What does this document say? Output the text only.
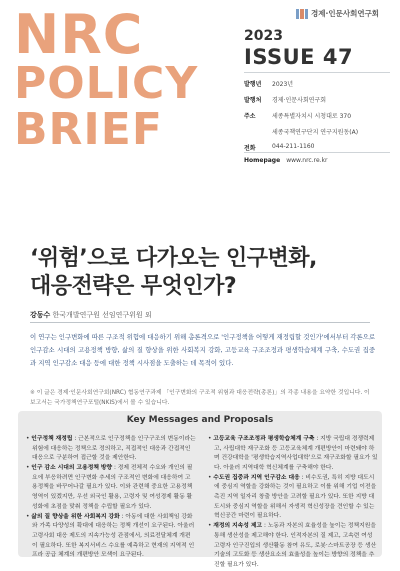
NRC
POLICY
BRIEF
경제·인문사회연구회
2023
ISSUE 47
발행년	2023년
발행처	경제·인문사회연구회
주소	세종특별자치시 시청대로 370
세종국책연구단지 연구지원동(A)
전화	044-211-1160
Homepage www.nrc.re.kr
‘위험’으로 다가오는 인구변화,
대응전략은 무엇인가?
강동수 한국개발연구원 선임연구위원 외
이 연구는 인구변화에 따른 구조적 위험에 대응하기 위해 총론격으로 '인구정책을 어떻게 재정립할 것인가'에서부터 각론으로 인구감소 시대의 고용정책 방향, 삶의 질 향상을 위한 사회복지 강화, 고등교육 구조조정과 평생학습체계 구축, 수도권 집중과 지역 인구감소 대응 등에 대한 정책 시사점을 도출하는 데 목적이 있다.
※ 이 글은 경제·인문사회연구회(NRC) 협동연구과제 「인구변화의 구조적 위험과 대응전략(총론)」의 각종 내용을 요약한 것입니다. 이 보고서는 국가정책연구포털(NKIS)에서 볼 수 있습니다.
Key Messages and Proposals
• 인구정책 재정립 : 근본적으로 인구정책을 인구구조의 변동이라는 위험에 대응하는 정책으로 정의하고, 직접적인 대응과 간접적인 대응으로 구분하여 접근할 것을 제안한다.
• 인구 감소 시대의 고용정책 방향 : 경제 전체적 수요와 개인의 필요에 부응하려면 인구변화 추세의 구조적인 변화에 대응하여 고용정책을 바꾸어나갈 필요가 있다. 이와 관련해 중요한 고용정책 영역이 있겠지만, 우선 외국인 활용, 고령자 및 여성경제 활동 활성화에 초점을 맞춰 정책을 수립할 필요가 있다.
• 삶의 질 향상을 위한 사회복지 강화 : 아동에 대한 사회책임 강화와 가족 다양성의 확대에 대응하는 정책 개선이 요구된다. 아울러 고령사회 대응 제도의 지속가능성 관점에서, 의료전달체계 개편이 필요하다. 또한 복지서비스 수요를 예측하고 현재의 지역적 인프라 공급 체계의 개편방안 모색이 요구된다.
• 고등교육 구조조정과 평생학습체계 구축 : 지방 국립대 경쟁력제고, 사립대학 재구조화 등 고등교육체계 개편방안이 마련돼야 하며 건강대학을 '평생학습지역사업대학'으로 재구조화할 필요가 있다. 아울러 지역대학 혁신체계를 구축해야 한다.
• 수도권 집중과 지역 인구감소 대응 : 비수도권, 특히 지방 대도시에 중심지 역할을 강화하는 것이 필요하고 이를 위해 기업 이전을 촉진 지역 일자리 창출 방안을 고려할 필요가 있다. 또한 지방 대도시와 중심지 역할을 위해서 자생적 혁신성장을 견인할 수 있는 혁신공간 마련이 필요하다.
• 재정의 지속성 제고 : 노동과 자본의 효율성을 높이는 정책지원을 통해 생산성을 제고해야 한다. 인적자본의 질 제고, 고속련 여성 고령자 인구진입의 생산활동 참여 유도, 로봇·스마트공장 등 생산기술의 고도화 등 생산요소의 효율성을 높이는 방향의 정책을 추진할 필요가 있다.
